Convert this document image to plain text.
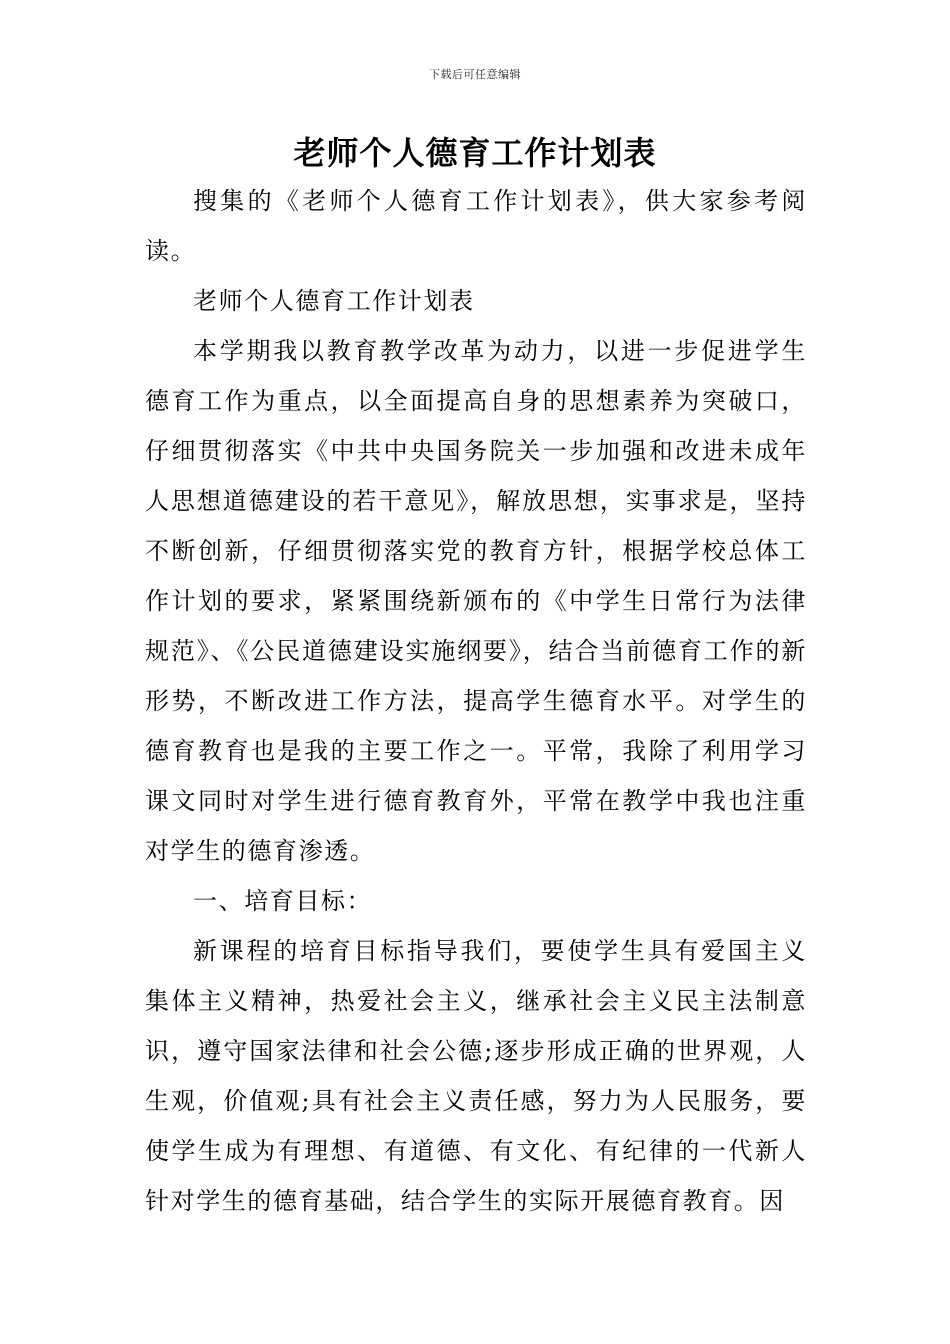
下载后可任意编辑
老师个人德育工作计划表

搜集的《老师个人德育工作计划表》，供大家参考阅读。

老师个人德育工作计划表

本学期我以教育教学改革为动力，以进一步促进学生德育工作为重点，以全面提高自身的思想素养为突破口，仔细贯彻落实《中共中央国务院关一步加强和改进未成年人思想道德建设的若干意见》，解放思想，实事求是，坚持不断创新，仔细贯彻落实党的教育方针，根据学校总体工作计划的要求，紧紧围绕新颁布的《中学生日常行为法律规范》、《公民道德建设实施纲要》，结合当前德育工作的新形势，不断改进工作方法，提高学生德育水平。对学生的德育教育也是我的主要工作之一。平常，我除了利用学习课文同时对学生进行德育教育外，平常在教学中我也注重对学生的德育渗透。

一、培育目标：

新课程的培育目标指导我们，要使学生具有爱国主义集体主义精神，热爱社会主义，继承社会主义民主法制意识，遵守国家法律和社会公德;逐步形成正确的世界观，人生观，价值观;具有社会主义责任感，努力为人民服务，要使学生成为有理想、有道德、有文化、有纪律的一代新人针对学生的德育基础，结合学生的实际开展德育教育。因
